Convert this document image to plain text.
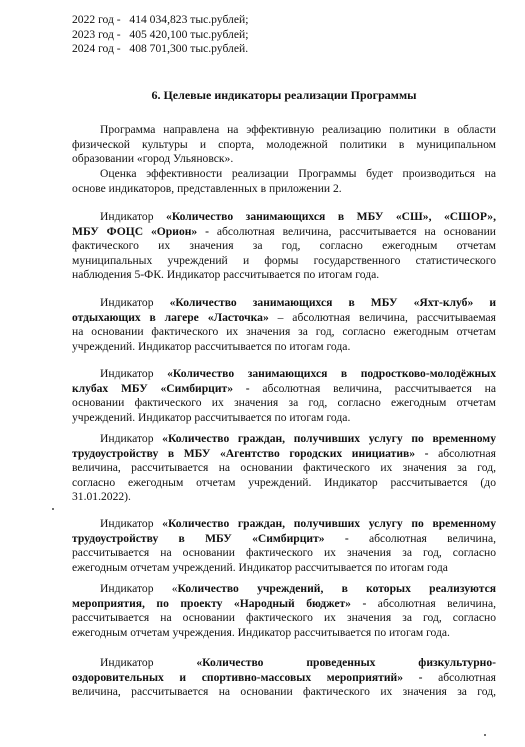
2022 год - 414 034,823 тыс.рублей;
2023 год - 405 420,100 тыс.рублей;
2024 год - 408 701,300 тыс.рублей.
6. Целевые индикаторы реализации Программы
Программа направлена на эффективную реализацию политики в области
физической культуры и спорта, молодежной политики в муниципальном
образовании «город Ульяновск».
Оценка эффективности реализации Программы будет производиться на
основе индикаторов, представленных в приложении 2.
Индикатор «Количество занимающихся в МБУ «СШ», «СШОР»,
МБУ ФОЦС «Орион» - абсолютная величина, рассчитывается на основании
фактического их значения за год, согласно ежегодным отчетам
муниципальных учреждений и формы государственного статистического
наблюдения 5-ФК. Индикатор рассчитывается по итогам года.
Индикатор «Количество занимающихся в МБУ «Яхт-клуб» и
отдыхающих в лагере «Ласточка» – абсолютная величина, рассчитываемая
на основании фактического их значения за год, согласно ежегодным отчетам
учреждений. Индикатор рассчитывается по итогам года.
Индикатор «Количество занимающихся в подростково-молодёжных
клубах МБУ «Симбирцит» - абсолютная величина, рассчитывается на
основании фактического их значения за год, согласно ежегодным отчетам
учреждений. Индикатор рассчитывается по итогам года.
Индикатор «Количество граждан, получивших услугу по временному
трудоустройству в МБУ «Агентство городских инициатив» - абсолютная
величина, рассчитывается на основании фактического их значения за год,
согласно ежегодным отчетам учреждений. Индикатор рассчитывается (до
31.01.2022).
Индикатор «Количество граждан, получивших услугу по временному
трудоустройству в МБУ «Симбирцит» - абсолютная величина,
рассчитывается на основании фактического их значения за год, согласно
ежегодным отчетам учреждений. Индикатор рассчитывается по итогам года
Индикатор «Количество учреждений, в которых реализуются
мероприятия, по проекту «Народный бюджет» - абсолютная величина,
рассчитывается на основании фактического их значения за год, согласно
ежегодным отчетам учреждения. Индикатор рассчитывается по итогам года.
Индикатор «Количество проведенных физкультурно-
оздоровительных и спортивно-массовых мероприятий» - абсолютная
величина, рассчитывается на основании фактического их значения за год,
